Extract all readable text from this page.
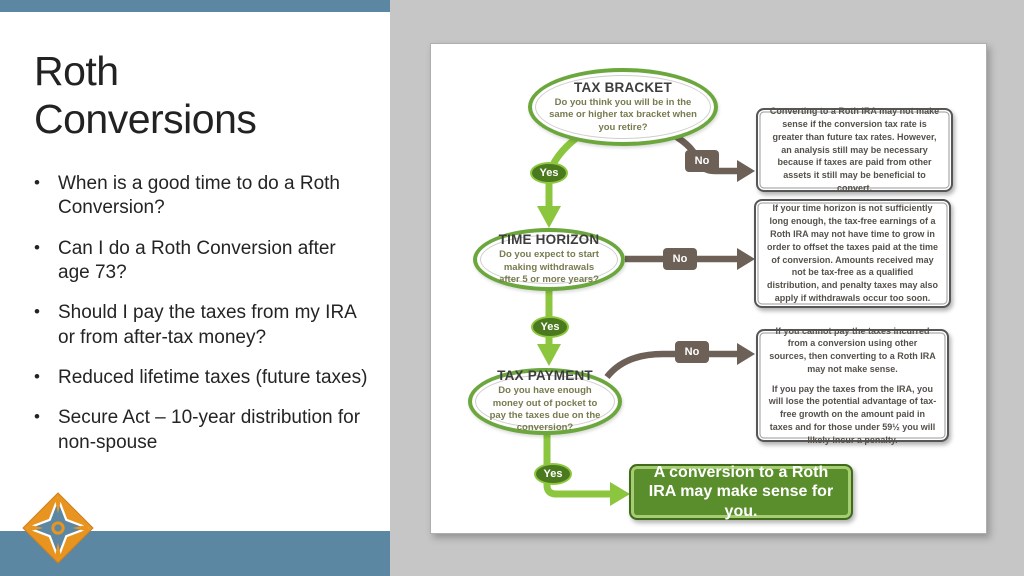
Roth Conversions
• When is a good time to do a Roth Conversion?
• Can I do a Roth Conversion after age 73?
• Should I pay the taxes from my IRA or from after-tax money?
• Reduced lifetime taxes (future taxes)
• Secure Act – 10-year distribution for non-spouse
TAX BRACKET
Do you think you will be in the same or higher tax bracket when you retire?
TIME HORIZON
Do you expect to start making withdrawals after 5 or more years?
TAX PAYMENT
Do you have enough money out of pocket to pay the taxes due on the conversion?
Yes
Yes
Yes
No
No
No

Converting to a Roth IRA may not make sense if the conversion tax rate is greater than future tax rates. However, an analysis still may be necessary because if taxes are paid from other assets it still may be beneficial to convert.

If your time horizon is not sufficiently long enough, the tax-free earnings of a Roth IRA may not have time to grow in order to offset the taxes paid at the time of conversion. Amounts received may not be tax-free as a qualified distribution, and penalty taxes may also apply if withdrawals occur too soon.

If you cannot pay the taxes incurred from a conversion using other sources, then converting to a Roth IRA may not make sense.

If you pay the taxes from the IRA, you will lose the potential advantage of tax-free growth on the amount paid in taxes and for those under 59½ you will likely incur a penalty.

A conversion to a Roth IRA may make sense for you.
